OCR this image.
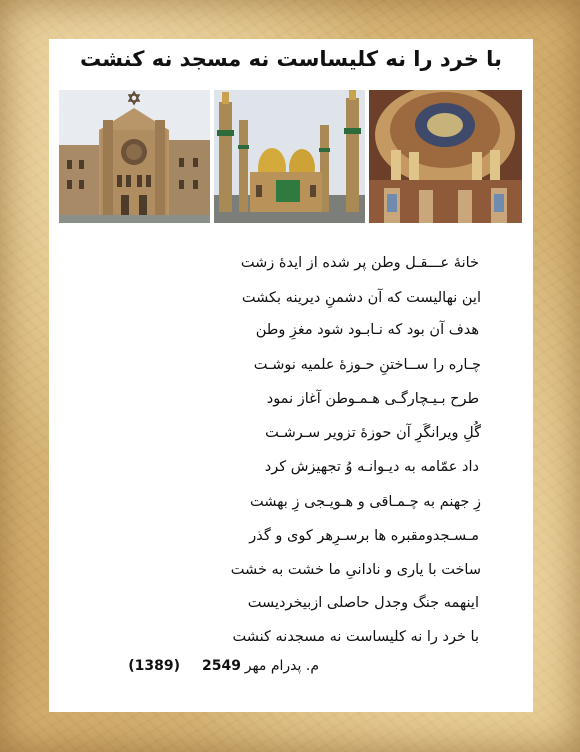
با خرد را نه کلیساست نه مسجد نه کنشت
خانۀ عـــقـل وطن پر شده از ایدۀ زشت
این نهالیست که آن دشمنِ دیرینه بکشت
هدف آن بود که نـابـود شود مغزِ وطن
چـاره را ســاختنِ حـوزۀ علمیه نوشـت
طرح بـیـچارگـی هـمـوطن آغاز نمود
گُلِ ویرانگَرِ آن حوزۀ تزویر سـرشـت
داد عمّامه به دیـوانـه وُ تجهیزش کرد
زِ جهنم به چـمـاقی و هـویـجی زِ بهشت
مـسـجدومقبره ها برسـرِهر کوی و گذر
ساخت با یاری و نادانیِ ما خشت به خشت
اینهمه جنگ وجدل حاصلی ازبیخردیست
با خرد را نه کلیساست نه مسجدنه کنشت
م. پدرام مهر
2549
(1389)
